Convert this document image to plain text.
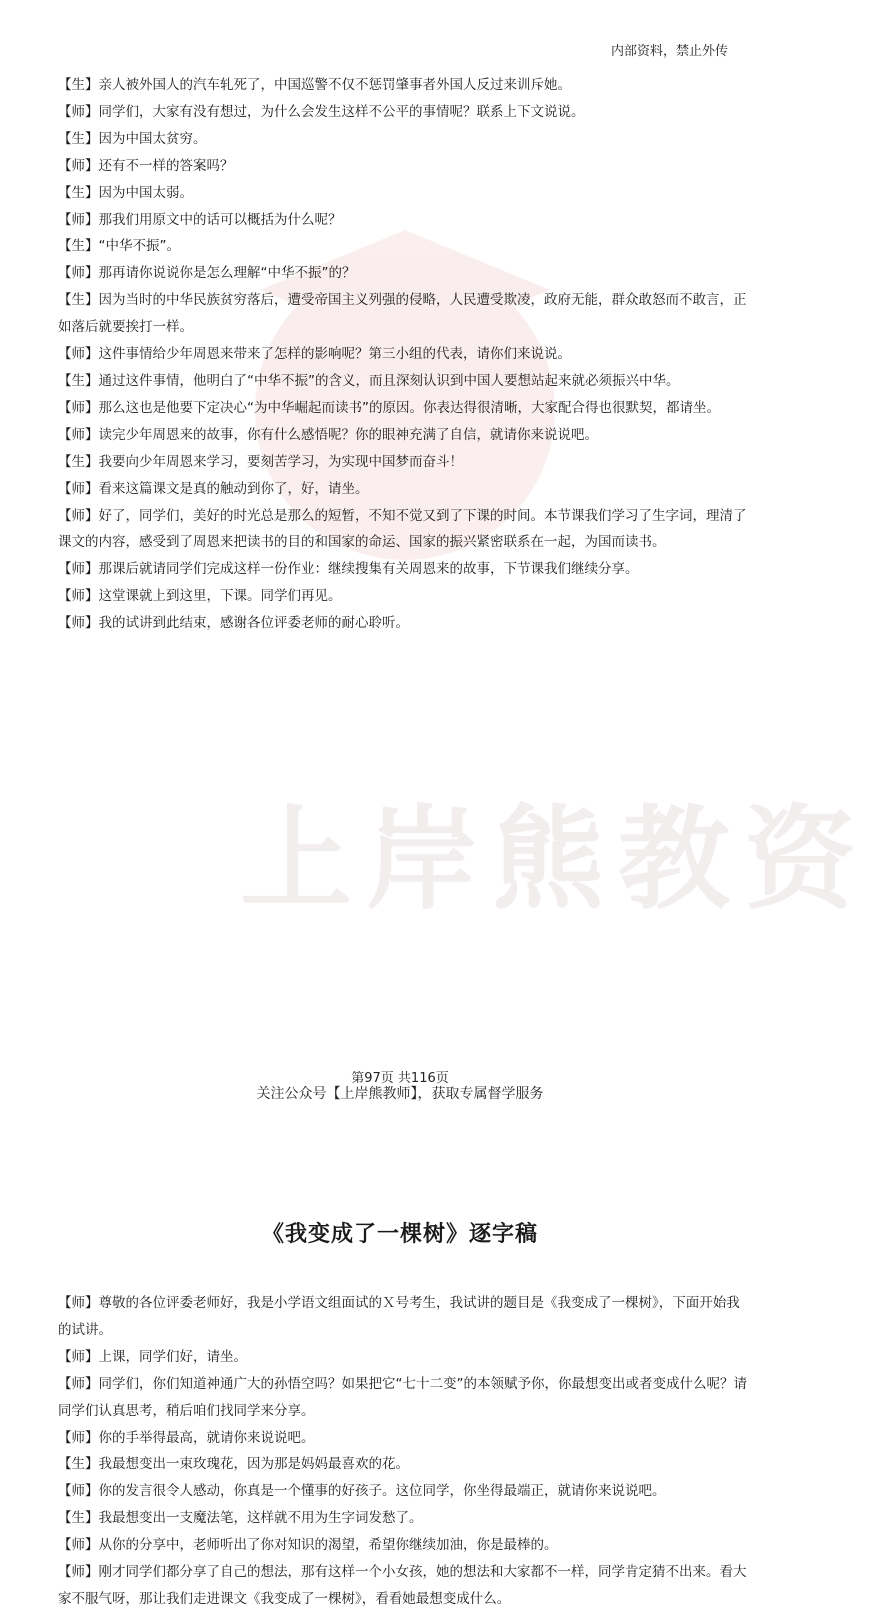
上岸熊教资
内部资料，禁止外传

【生】亲人被外国人的汽车轧死了，中国巡警不仅不惩罚肇事者外国人反过来训斥她。

【师】同学们，大家有没有想过，为什么会发生这样不公平的事情呢？联系上下文说说。

【生】因为中国太贫穷。

【师】还有不一样的答案吗？

【生】因为中国太弱。

【师】那我们用原文中的话可以概括为什么呢？

【生】“中华不振”。

【师】那再请你说说你是怎么理解“中华不振”的？

【生】因为当时的中华民族贫穷落后，遭受帝国主义列强的侵略，人民遭受欺凌，政府无能，群众敢怒而不敢言，正如落后就要挨打一样。

【师】这件事情给少年周恩来带来了怎样的影响呢？第三小组的代表，请你们来说说。

【生】通过这件事情，他明白了“中华不振”的含义，而且深刻认识到中国人要想站起来就必须振兴中华。

【师】那么这也是他要下定决心“为中华崛起而读书”的原因。你表达得很清晰，大家配合得也很默契，都请坐。

【师】读完少年周恩来的故事，你有什么感悟呢？你的眼神充满了自信，就请你来说说吧。

【生】我要向少年周恩来学习，要刻苦学习，为实现中国梦而奋斗！

【师】看来这篇课文是真的触动到你了，好，请坐。

【师】好了，同学们，美好的时光总是那么的短暂，不知不觉又到了下课的时间。本节课我们学习了生字词，理清了课文的内容，感受到了周恩来把读书的目的和国家的命运、国家的振兴紧密联系在一起，为国而读书。

【师】那课后就请同学们完成这样一份作业：继续搜集有关周恩来的故事，下节课我们继续分享。

【师】这堂课就上到这里，下课。同学们再见。

【师】我的试讲到此结束，感谢各位评委老师的耐心聆听。

《我变成了一棵树》逐字稿

【师】尊敬的各位评委老师好，我是小学语文组面试的Ｘ号考生，我试讲的题目是《我变成了一棵树》，下面开始我的试讲。

【师】上课，同学们好，请坐。

【师】同学们，你们知道神通广大的孙悟空吗？如果把它“七十二变”的本领赋予你，你最想变出或者变成什么呢？请同学们认真思考，稍后咱们找同学来分享。

【师】你的手举得最高，就请你来说说吧。

【生】我最想变出一束玫瑰花，因为那是妈妈最喜欢的花。

【师】你的发言很令人感动，你真是一个懂事的好孩子。这位同学，你坐得最端正，就请你来说说吧。

【生】我最想变出一支魔法笔，这样就不用为生字词发愁了。

【师】从你的分享中，老师听出了你对知识的渴望，希望你继续加油，你是最棒的。

【师】刚才同学们都分享了自己的想法，那有这样一个小女孩，她的想法和大家都不一样，同学肯定猜不出来。看大家不服气呀，那让我们走进课文《我变成了一棵树》，看看她最想变成什么。

第97页 共116页
关注公众号【上岸熊教师】，获取专属督学服务
